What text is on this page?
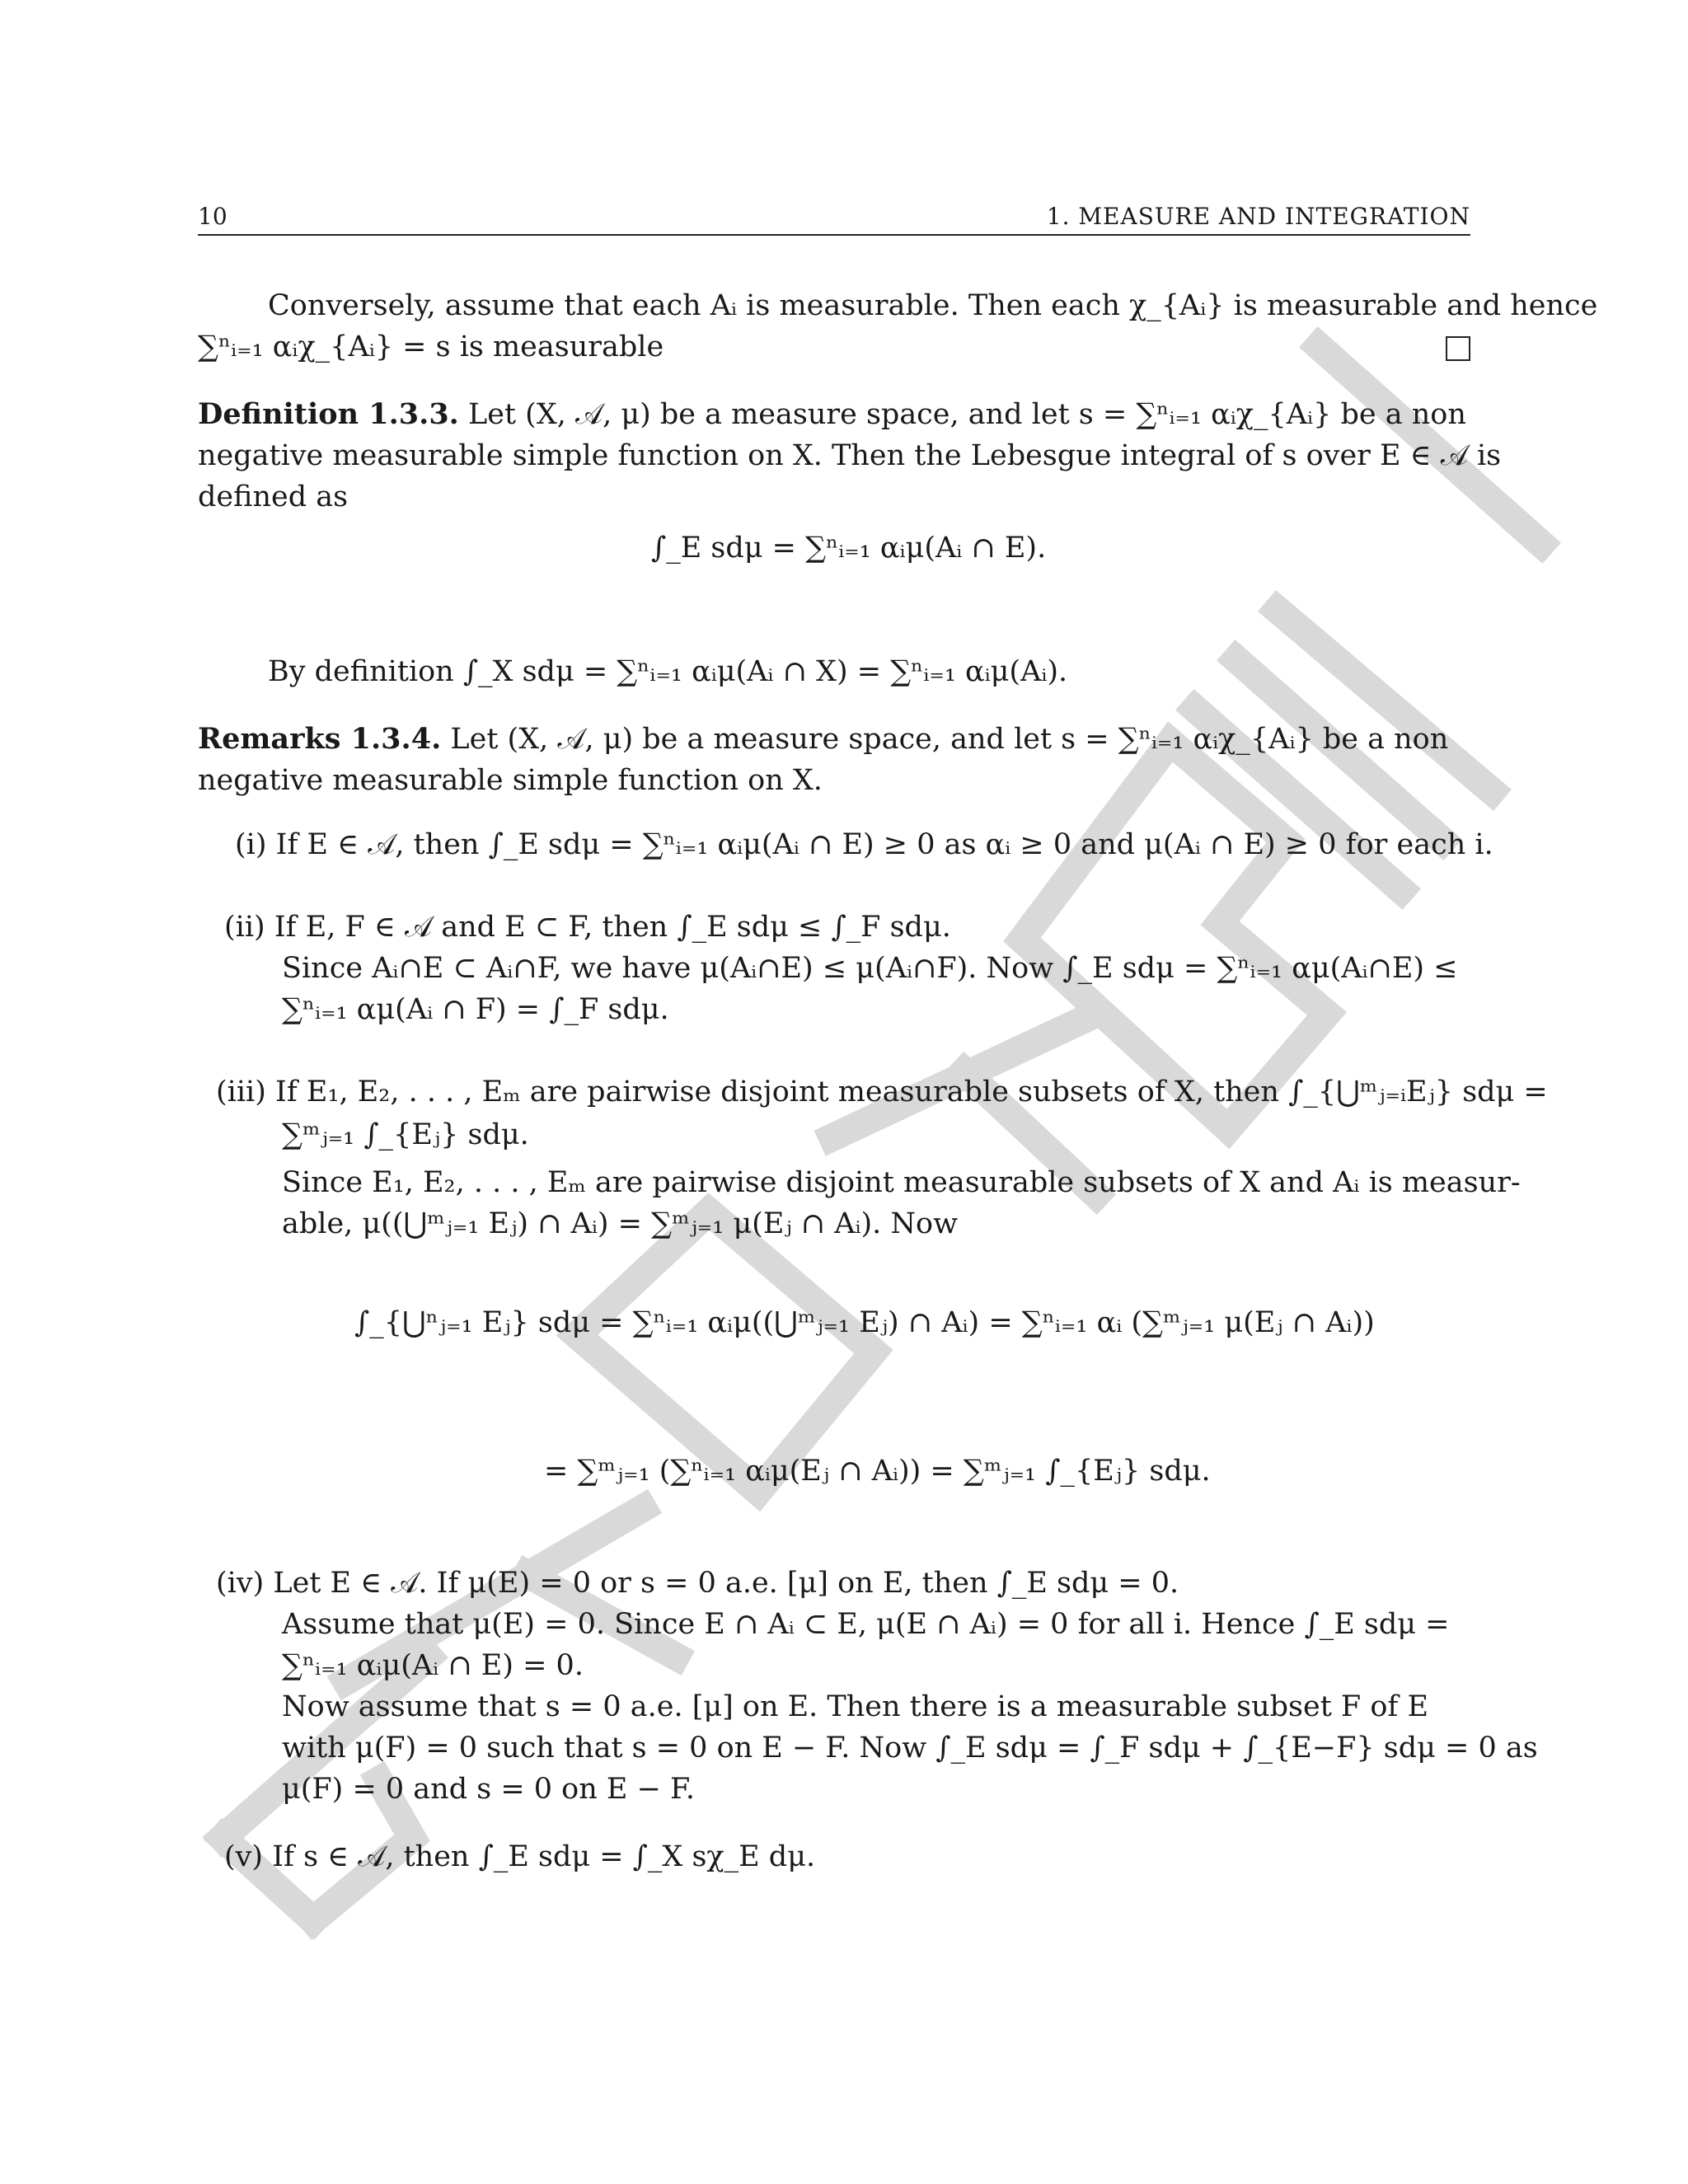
10	1. MEASURE AND INTEGRATION
Conversely, assume that each Aᵢ is measurable. Then each χ_{Aᵢ} is measurable and hence
∑ⁿᵢ₌₁ αᵢχ_{Aᵢ} = s is measurable
Definition 1.3.3. Let (X, 𝒜, μ) be a measure space, and let s = ∑ⁿᵢ₌₁ αᵢχ_{Aᵢ} be a non
negative measurable simple function on X. Then the Lebesgue integral of s over E ∈ 𝒜 is
defined as
∫_E sdμ = ∑ⁿᵢ₌₁ αᵢμ(Aᵢ ∩ E).
By definition ∫_X sdμ = ∑ⁿᵢ₌₁ αᵢμ(Aᵢ ∩ X) = ∑ⁿᵢ₌₁ αᵢμ(Aᵢ).
Remarks 1.3.4. Let (X, 𝒜, μ) be a measure space, and let s = ∑ⁿᵢ₌₁ αᵢχ_{Aᵢ} be a non
negative measurable simple function on X.
(i) If E ∈ 𝒜, then ∫_E sdμ = ∑ⁿᵢ₌₁ αᵢμ(Aᵢ ∩ E) ≥ 0 as αᵢ ≥ 0 and μ(Aᵢ ∩ E) ≥ 0 for each i.
(ii) If E, F ∈ 𝒜 and E ⊂ F, then ∫_E sdμ ≤ ∫_F sdμ.
Since Aᵢ∩E ⊂ Aᵢ∩F, we have μ(Aᵢ∩E) ≤ μ(Aᵢ∩F). Now ∫_E sdμ = ∑ⁿᵢ₌₁ αμ(Aᵢ∩E) ≤
∑ⁿᵢ₌₁ αμ(Aᵢ ∩ F) = ∫_F sdμ.
(iii) If E₁, E₂, . . . , Eₘ are pairwise disjoint measurable subsets of X, then ∫_{⋃ᵐⱼ₌ᵢEⱼ} sdμ =
∑ᵐⱼ₌₁ ∫_{Eⱼ} sdμ.
Since E₁, E₂, . . . , Eₘ are pairwise disjoint measurable subsets of X and Aᵢ is measur-
able, μ((⋃ᵐⱼ₌₁ Eⱼ) ∩ Aᵢ) = ∑ᵐⱼ₌₁ μ(Eⱼ ∩ Aᵢ). Now
∫_{⋃ⁿⱼ₌₁ Eⱼ} sdμ = ∑ⁿᵢ₌₁ αᵢμ((⋃ᵐⱼ₌₁ Eⱼ) ∩ Aᵢ) = ∑ⁿᵢ₌₁ αᵢ (∑ᵐⱼ₌₁ μ(Eⱼ ∩ Aᵢ))
= ∑ᵐⱼ₌₁ (∑ⁿᵢ₌₁ αᵢμ(Eⱼ ∩ Aᵢ)) = ∑ᵐⱼ₌₁ ∫_{Eⱼ} sdμ.
(iv) Let E ∈ 𝒜. If μ(E) = 0 or s = 0 a.e. [μ] on E, then ∫_E sdμ = 0.
Assume that μ(E) = 0. Since E ∩ Aᵢ ⊂ E, μ(E ∩ Aᵢ) = 0 for all i. Hence ∫_E sdμ =
∑ⁿᵢ₌₁ αᵢμ(Aᵢ ∩ E) = 0.
Now assume that s = 0 a.e. [μ] on E. Then there is a measurable subset F of E
with μ(F) = 0 such that s = 0 on E − F. Now ∫_E sdμ = ∫_F sdμ + ∫_{E−F} sdμ = 0 as
μ(F) = 0 and s = 0 on E − F.
(v) If s ∈ 𝒜, then ∫_E sdμ = ∫_X sχ_E dμ.
